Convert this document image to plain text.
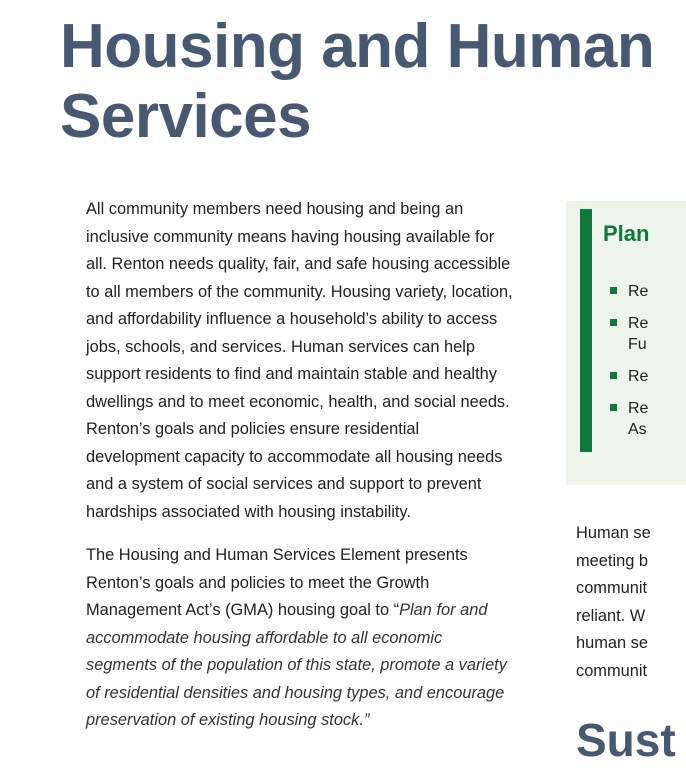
Housing and Human
Services

All community members need housing and being an inclusive community means having housing available for all. Renton needs quality, fair, and safe housing accessible to all members of the community. Housing variety, location, and affordability influence a household’s ability to access jobs, schools, and services. Human services can help support residents to find and maintain stable and healthy dwellings and to meet economic, health, and social needs. Renton’s goals and policies ensure residential development capacity to accommodate all housing needs and a system of social services and support to prevent hardships associated with housing instability.

The Housing and Human Services Element presents Renton’s goals and policies to meet the Growth Management Act’s (GMA) housing goal to “Plan for and accommodate housing affordable to all economic segments of the population of this state, promote a variety of residential densities and housing types, and encourage preservation of existing housing stock.”

Plan
Re
Re
Fu
Re
Re
As
Human se
meeting b
communit
reliant. W
human se
communit
Sust
